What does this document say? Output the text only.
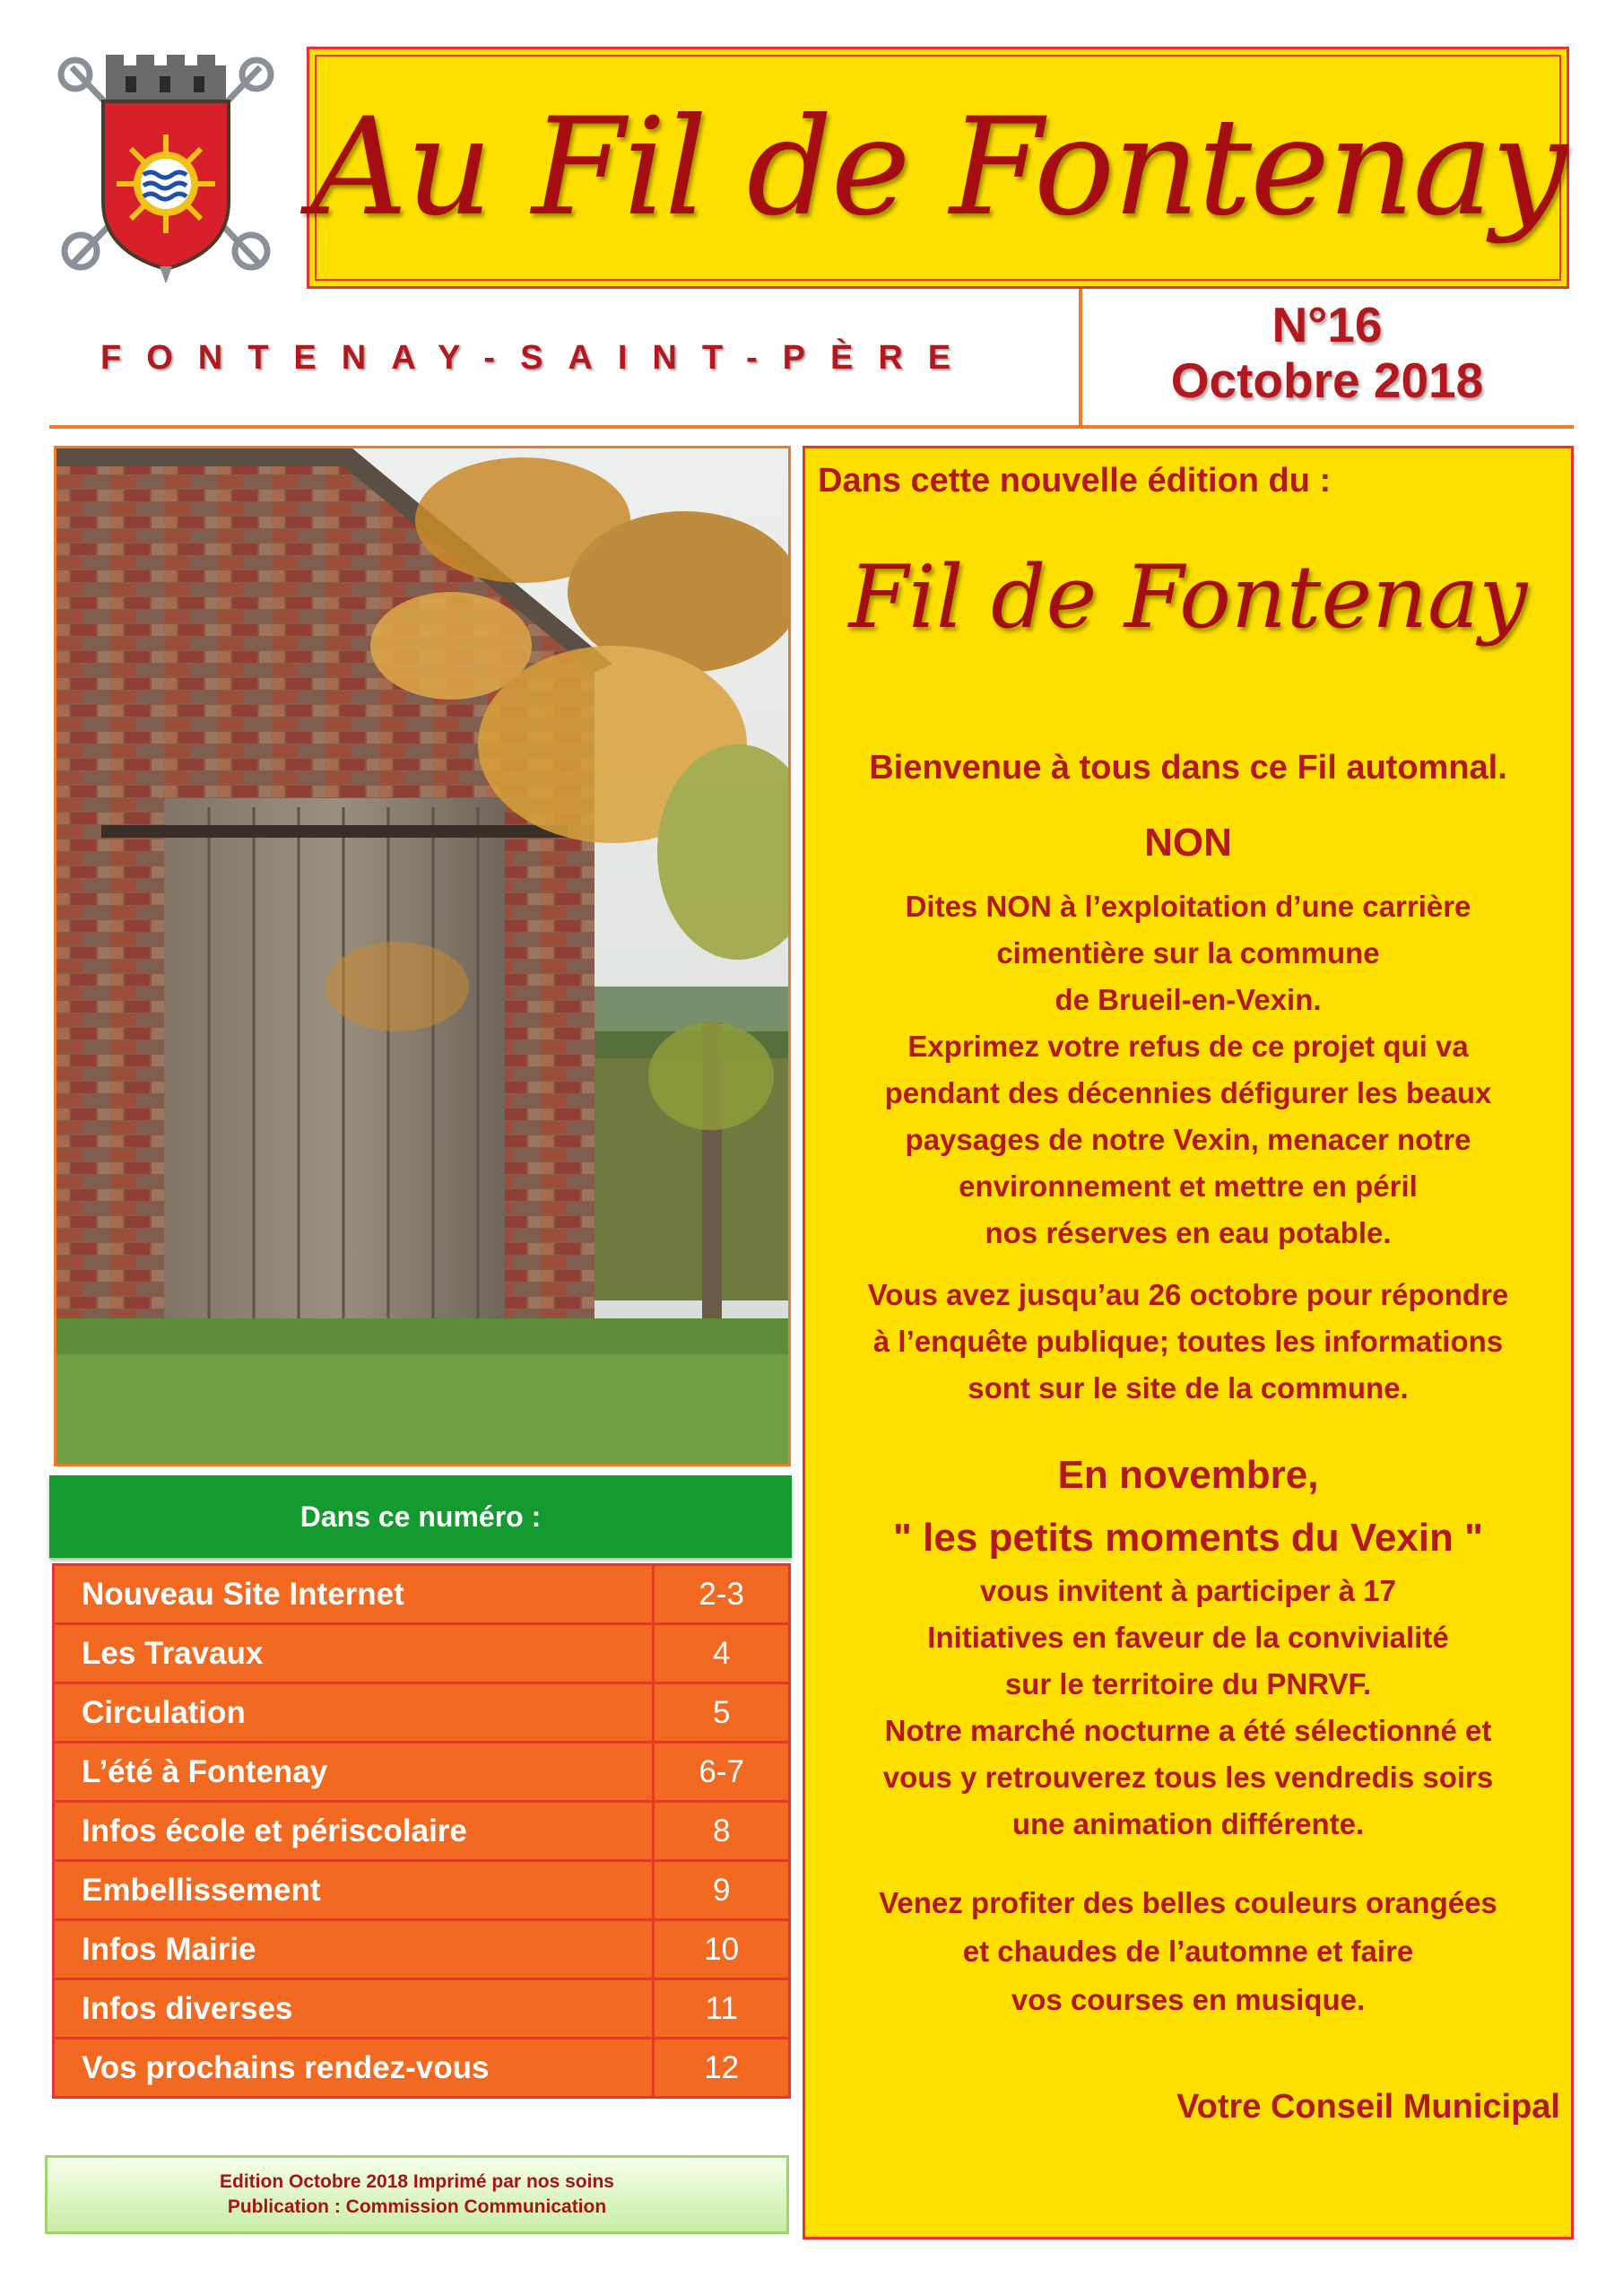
Au Fil de Fontenay
FONTENAY-SAINT-PÈRE
N°16
Octobre 2018
Dans ce numéro :
Nouveau Site Internet	2-3
Les Travaux	4
Circulation	5
L’été à Fontenay	6-7
Infos école et périscolaire	8
Embellissement	9
Infos Mairie	10
Infos diverses	11
Vos prochains rendez-vous	12
Edition Octobre 2018 Imprimé par nos soins
Publication : Commission Communication
Dans cette nouvelle édition du :
Fil de Fontenay
Bienvenue à tous dans ce Fil automnal.
NON
Dites NON à l’exploitation d’une carrière
cimentière sur la commune
de Brueil-en-Vexin.
Exprimez votre refus de ce projet qui va
pendant des décennies défigurer les beaux
paysages de notre Vexin, menacer notre
environnement et mettre en péril
nos réserves en eau potable.
Vous avez jusqu’au 26 octobre pour répondre
à l’enquête publique; toutes les informations
sont sur le site de la commune.
En novembre,
" les petits moments du Vexin "
vous invitent à participer à 17
Initiatives en faveur de la convivialité
sur le territoire du PNRVF.
Notre marché nocturne a été sélectionné et
vous y retrouverez tous les vendredis soirs
une animation différente.
Venez profiter des belles couleurs orangées
et chaudes de l’automne et faire
vos courses en musique.
Votre Conseil Municipal
